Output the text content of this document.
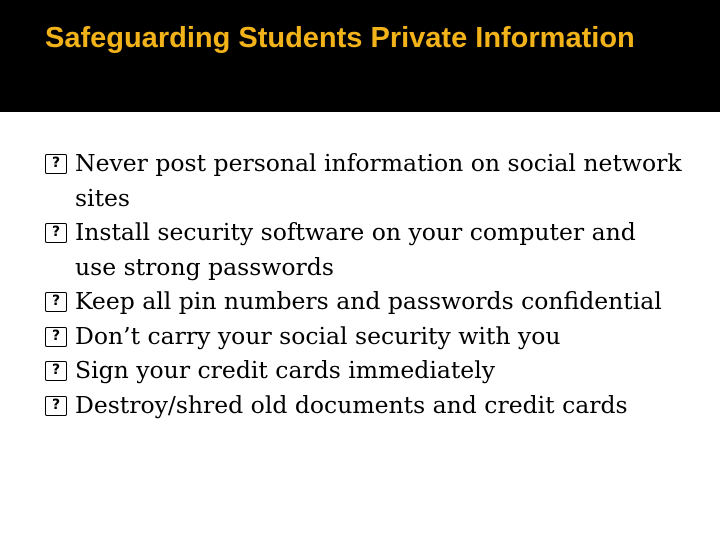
Safeguarding Students Private Information
? Never post personal information on social network sites
? Install security software on your computer and use strong passwords
? Keep all pin numbers and passwords confidential
? Don’t carry your social security with you
? Sign your credit cards immediately
? Destroy/shred old documents and credit cards
